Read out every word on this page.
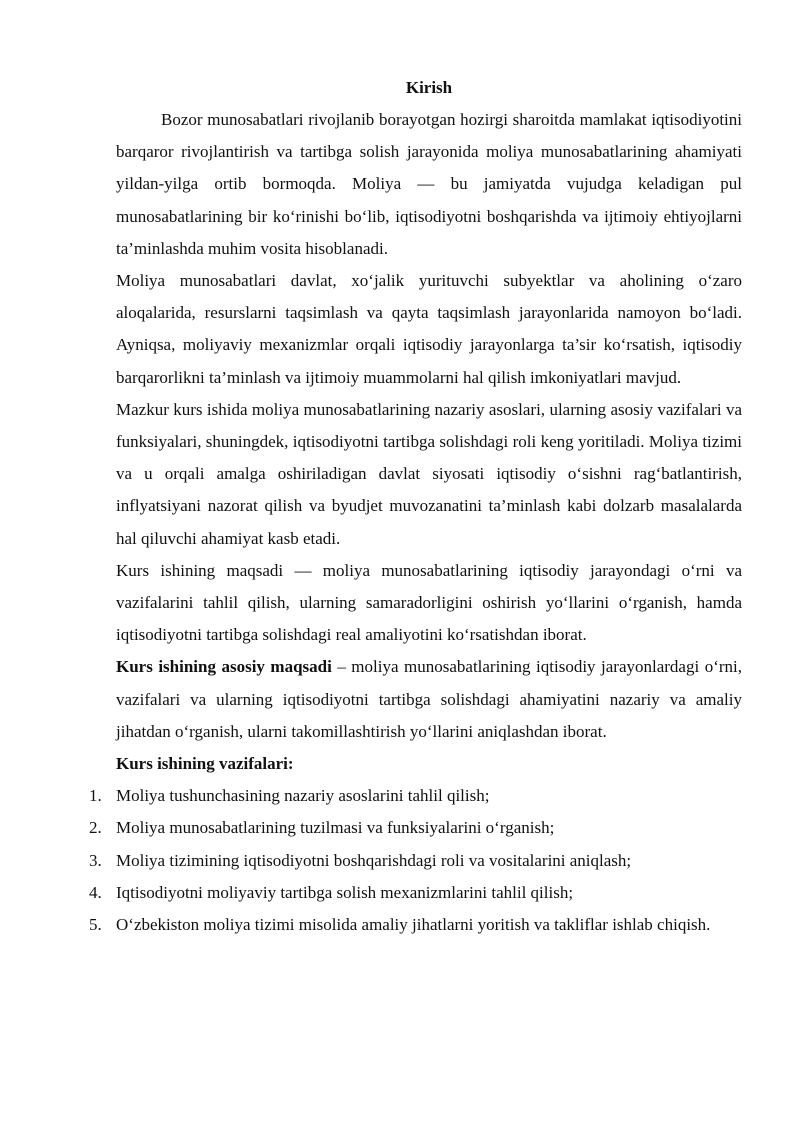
Kirish

Bozor munosabatlari rivojlanib borayotgan hozirgi sharoitda mamlakat iqtisodiyotini barqaror rivojlantirish va tartibga solish jarayonida moliya munosabatlarining ahamiyati yildan-yilga ortib bormoqda. Moliya — bu jamiyatda vujudga keladigan pul munosabatlarining bir ko‘rinishi bo‘lib, iqtisodiyotni boshqarishda va ijtimoiy ehtiyojlarni ta’minlashda muhim vosita hisoblanadi.

Moliya munosabatlari davlat, xo‘jalik yurituvchi subyektlar va aholining o‘zaro aloqalarida, resurslarni taqsimlash va qayta taqsimlash jarayonlarida namoyon bo‘ladi. Ayniqsa, moliyaviy mexanizmlar orqali iqtisodiy jarayonlarga ta’sir ko‘rsatish, iqtisodiy barqarorlikni ta’minlash va ijtimoiy muammolarni hal qilish imkoniyatlari mavjud.

Mazkur kurs ishida moliya munosabatlarining nazariy asoslari, ularning asosiy vazifalari va funksiyalari, shuningdek, iqtisodiyotni tartibga solishdagi roli keng yoritiladi. Moliya tizimi va u orqali amalga oshiriladigan davlat siyosati iqtisodiy o‘sishni rag‘batlantirish, inflyatsiyani nazorat qilish va byudjet muvozanatini ta’minlash kabi dolzarb masalalarda hal qiluvchi ahamiyat kasb etadi.

Kurs ishining maqsadi — moliya munosabatlarining iqtisodiy jarayondagi o‘rni va vazifalarini tahlil qilish, ularning samaradorligini oshirish yo‘llarini o‘rganish, hamda iqtisodiyotni tartibga solishdagi real amaliyotini ko‘rsatishdan iborat.

Kurs ishining asosiy maqsadi – moliya munosabatlarining iqtisodiy jarayonlardagi o‘rni, vazifalari va ularning iqtisodiyotni tartibga solishdagi ahamiyatini nazariy va amaliy jihatdan o‘rganish, ularni takomillashtirish yo‘llarini aniqlashdan iborat.

Kurs ishining vazifalari:

1. Moliya tushunchasining nazariy asoslarini tahlil qilish;
2. Moliya munosabatlarining tuzilmasi va funksiyalarini o‘rganish;
3. Moliya tizimining iqtisodiyotni boshqarishdagi roli va vositalarini aniqlash;
4. Iqtisodiyotni moliyaviy tartibga solish mexanizmlarini tahlil qilish;
5. O‘zbekiston moliya tizimi misolida amaliy jihatlarni yoritish va takliflar ishlab chiqish.
